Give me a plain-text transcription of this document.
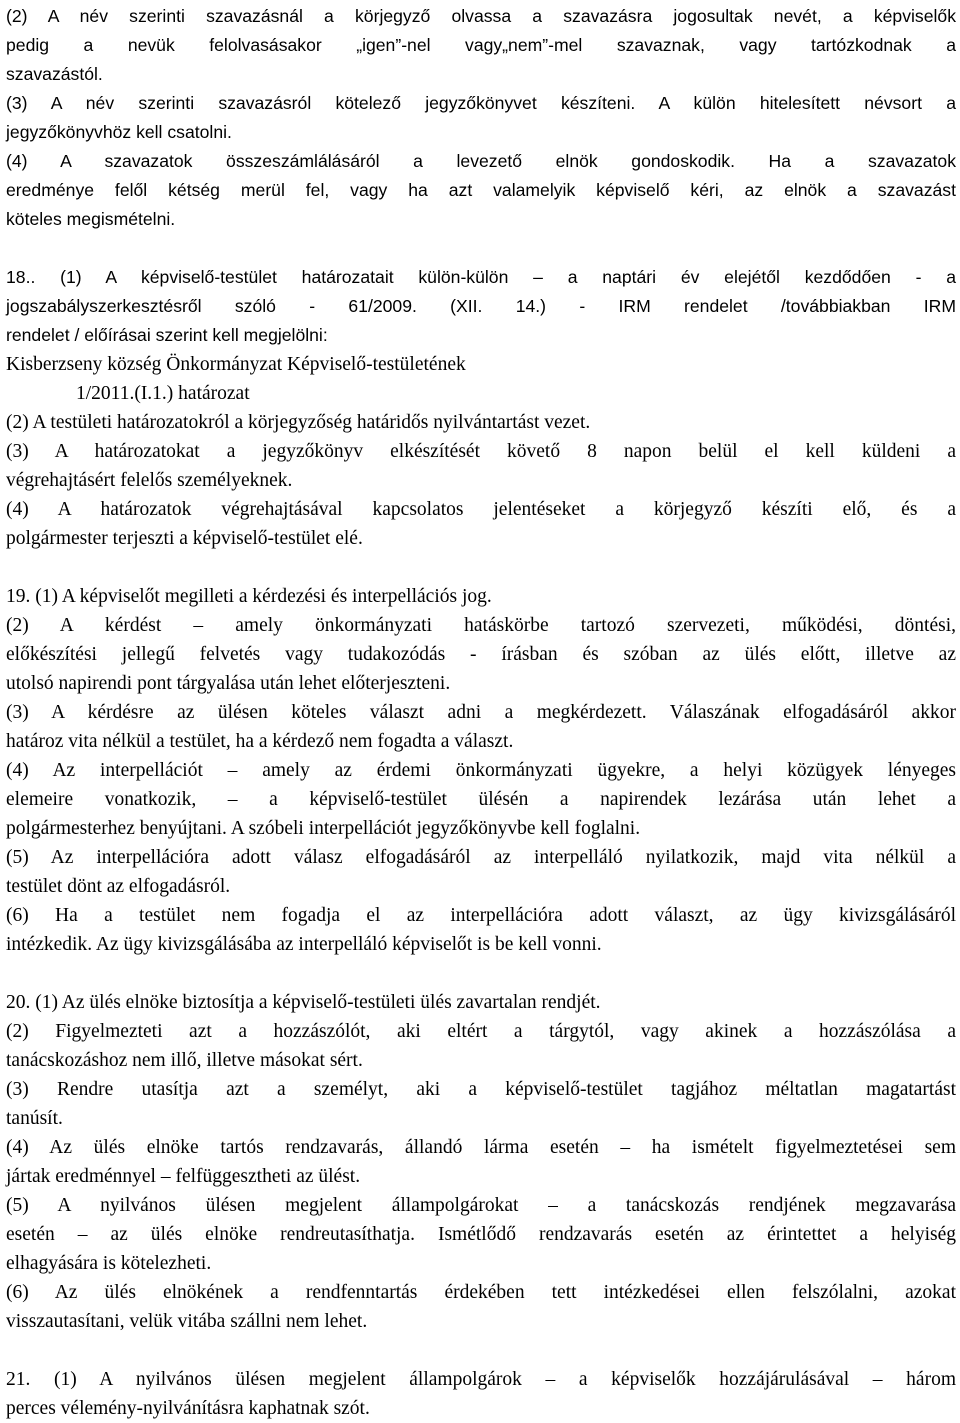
(2) A név szerinti szavazásnál a körjegyző olvassa a szavazásra jogosultak nevét, a képviselők
pedig a nevük felolvasásakor „igen”-nel vagy„nem”-mel szavaznak, vagy tartózkodnak a
szavazástól.
(3) A név szerinti szavazásról kötelező jegyzőkönyvet készíteni. A külön hitelesített névsort a
jegyzőkönyvhöz kell csatolni.
(4) A szavazatok összeszámlálásáról a levezető elnök gondoskodik. Ha a szavazatok
eredménye felől kétség merül fel, vagy ha azt valamelyik képviselő kéri, az elnök a szavazást
köteles megismételni.
18.. (1) A képviselő-testület határozatait külön-külön – a naptári év elejétől kezdődően - a
jogszabályszerkesztésről szóló - 61/2009. (XII. 14.) - IRM rendelet /továbbiakban IRM
rendelet / előírásai szerint kell megjelölni:
Kisberzseny község Önkormányzat Képviselő-testületének
1/2011.(I.1.) határozat
(2) A testületi határozatokról a körjegyzőség határidős nyilvántartást vezet.
(3) A határozatokat a jegyzőkönyv elkészítését követő 8 napon belül el kell küldeni a
végrehajtásért felelős személyeknek.
(4) A határozatok végrehajtásával kapcsolatos jelentéseket a körjegyző készíti elő, és a
polgármester terjeszti a képviselő-testület elé.
19. (1) A képviselőt megilleti a kérdezési és interpellációs jog.
(2) A kérdést – amely önkormányzati hatáskörbe tartozó szervezeti, működési, döntési,
előkészítési jellegű felvetés vagy tudakozódás - írásban és szóban az ülés előtt, illetve az
utolsó napirendi pont tárgyalása után lehet előterjeszteni.
(3) A kérdésre az ülésen köteles választ adni a megkérdezett. Válaszának elfogadásáról akkor
határoz vita nélkül a testület, ha a kérdező nem fogadta a választ.
(4) Az interpellációt – amely az érdemi önkormányzati ügyekre, a helyi közügyek lényeges
elemeire vonatkozik, – a képviselő-testület ülésén a napirendek lezárása után lehet a
polgármesterhez benyújtani. A szóbeli interpellációt jegyzőkönyvbe kell foglalni.
(5) Az interpellációra adott válasz elfogadásáról az interpelláló nyilatkozik, majd vita nélkül a
testület dönt az elfogadásról.
(6) Ha a testület nem fogadja el az interpellációra adott választ, az ügy kivizsgálásáról
intézkedik. Az ügy kivizsgálásába az interpelláló képviselőt is be kell vonni.
20. (1) Az ülés elnöke biztosítja a képviselő-testületi ülés zavartalan rendjét.
(2) Figyelmezteti azt a hozzászólót, aki eltért a tárgytól, vagy akinek a hozzászólása a
tanácskozáshoz nem illő, illetve másokat sért.
(3) Rendre utasítja azt a személyt, aki a képviselő-testület tagjához méltatlan magatartást
tanúsít.
(4) Az ülés elnöke tartós rendzavarás, állandó lárma esetén – ha ismételt figyelmeztetései sem
jártak eredménnyel – felfüggesztheti az ülést.
(5) A nyilvános ülésen megjelent állampolgárokat – a tanácskozás rendjének megzavarása
esetén – az ülés elnöke rendreutasíthatja. Ismétlődő rendzavarás esetén az érintettet a helyiség
elhagyására is kötelezheti.
(6) Az ülés elnökének a rendfenntartás érdekében tett intézkedései ellen felszólalni, azokat
visszautasítani, velük vitába szállni nem lehet.
21. (1) A nyilvános ülésen megjelent állampolgárok – a képviselők hozzájárulásával – három
perces vélemény-nyilvánításra kaphatnak szót.
